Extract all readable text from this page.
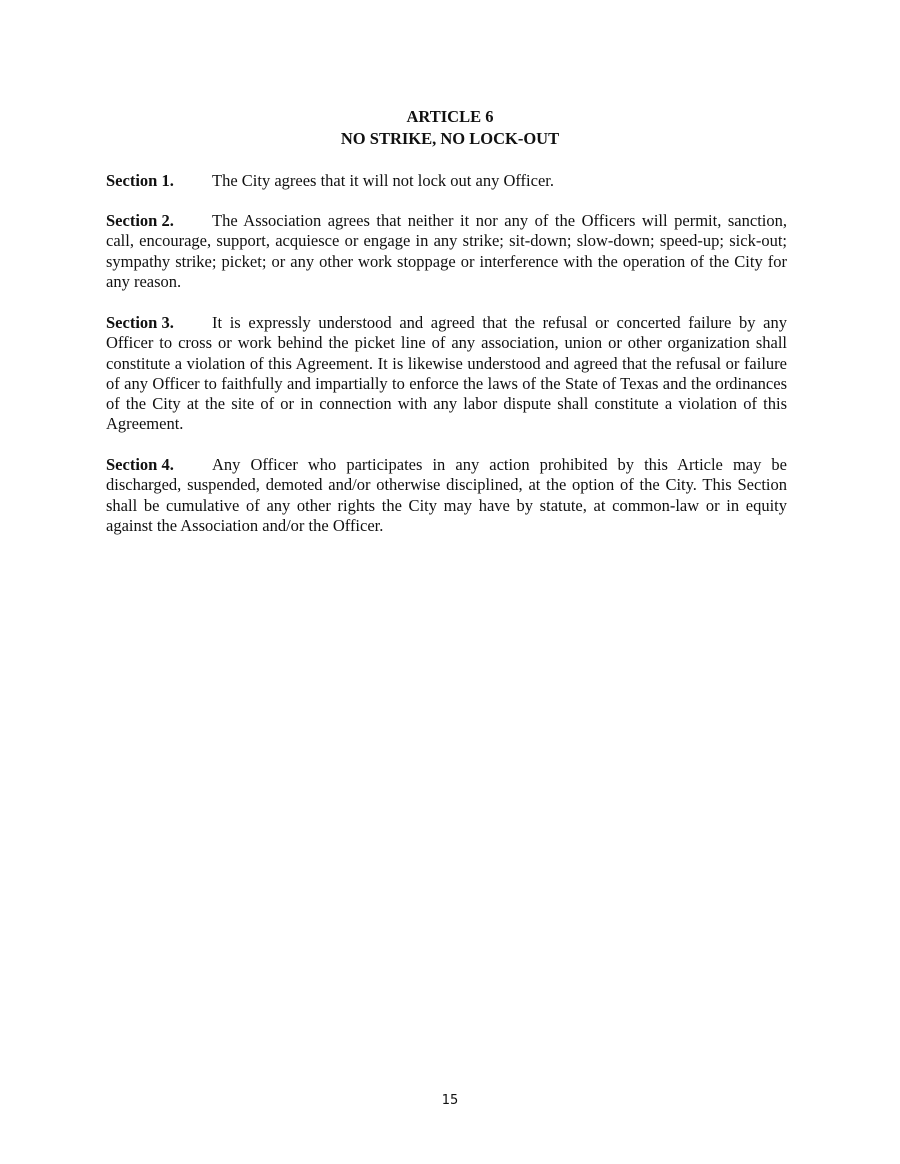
ARTICLE 6
NO STRIKE, NO LOCK-OUT
Section 1. The City agrees that it will not lock out any Officer.
Section 2. The Association agrees that neither it nor any of the Officers will permit, sanction, call, encourage, support, acquiesce or engage in any strike; sit-down; slow-down; speed-up; sick-out; sympathy strike; picket; or any other work stoppage or interference with the operation of the City for any reason.
Section 3. It is expressly understood and agreed that the refusal or concerted failure by any Officer to cross or work behind the picket line of any association, union or other organization shall constitute a violation of this Agreement. It is likewise understood and agreed that the refusal or failure of any Officer to faithfully and impartially to enforce the laws of the State of Texas and the ordinances of the City at the site of or in connection with any labor dispute shall constitute a violation of this Agreement.
Section 4. Any Officer who participates in any action prohibited by this Article may be discharged, suspended, demoted and/or otherwise disciplined, at the option of the City. This Section shall be cumulative of any other rights the City may have by statute, at common-law or in equity against the Association and/or the Officer.
15
